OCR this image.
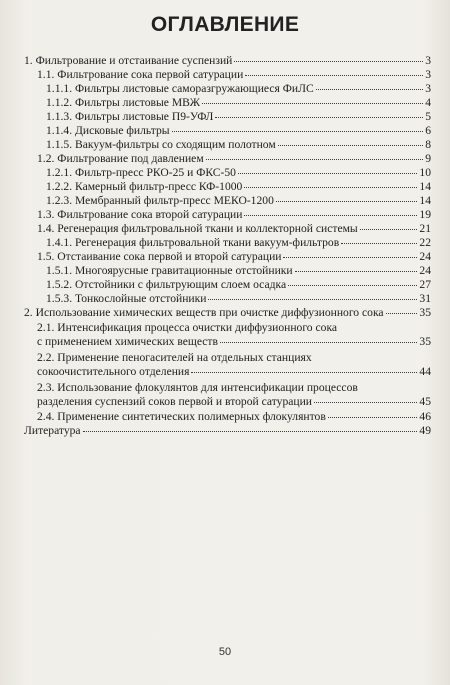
ОГЛАВЛЕНИЕ
1. Фильтрование и отстаивание суспензий	3
1.1. Фильтрование сока первой сатурации	3
1.1.1. Фильтры листовые саморазгружающиеся ФиЛС	3
1.1.2. Фильтры листовые МВЖ	4
1.1.3. Фильтры листовые П9-УФЛ	5
1.1.4. Дисковые фильтры	6
1.1.5. Вакуум-фильтры со сходящим полотном	8
1.2. Фильтрование под давлением	9
1.2.1. Фильтр-пресс РКО-25 и ФКС-50	10
1.2.2. Камерный фильтр-пресс КФ-1000	14
1.2.3. Мембранный фильтр-пресс МЕКО-1200	14
1.3. Фильтрование сока второй сатурации	19
1.4. Регенерация фильтровальной ткани и коллекторной системы	21
1.4.1. Регенерация фильтровальной ткани вакуум-фильтров	22
1.5. Отстаивание сока первой и второй сатурации	24
1.5.1. Многоярусные гравитационные отстойники	24
1.5.2. Отстойники с фильтрующим слоем осадка	27
1.5.3. Тонкослойные отстойники	31
2. Использование химических веществ при очистке диффузионного сока	35
2.1. Интенсификация процесса очистки диффузионного сока
с применением химических веществ	35
2.2. Применение пеногасителей на отдельных станциях
сокоочистительного отделения	44
2.3. Использование флокулянтов для интенсификации процессов
разделения суспензий соков первой и второй сатурации	45
2.4. Применение синтетических полимерных флокулянтов	46
Литература	49
50
